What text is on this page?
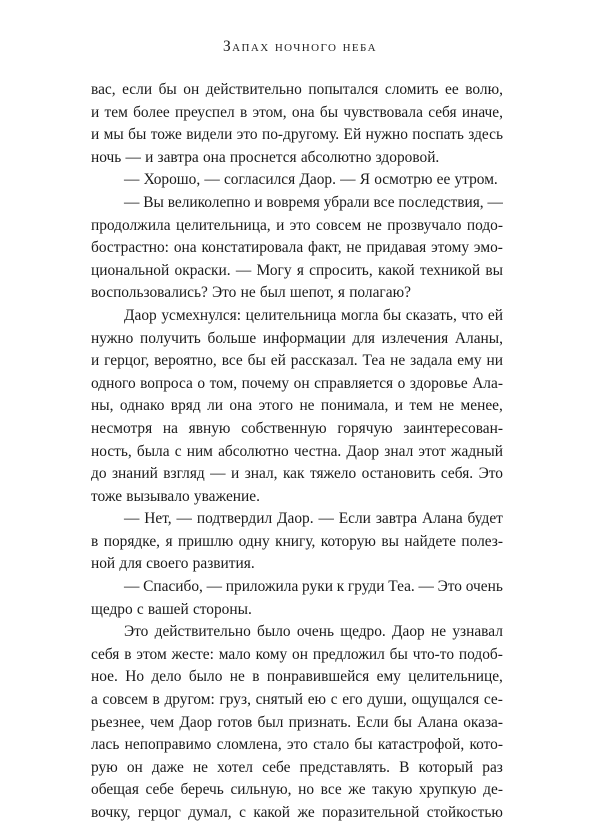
Запах ночного неба
вас, если бы он действительно попытался сломить ее волю,
и тем более преуспел в этом, она бы чувствовала себя иначе,
и мы бы тоже видели это по-другому. Ей нужно поспать здесь
ночь — и завтра она проснется абсолютно здоровой.
— Хорошо, — согласился Даор. — Я осмотрю ее утром.
— Вы великолепно и вовремя убрали все последствия, —
продолжила целительница, и это совсем не прозвучало подо-
бострастно: она констатировала факт, не придавая этому эмо-
циональной окраски. — Могу я спросить, какой техникой вы
воспользовались? Это не был шепот, я полагаю?
Даор усмехнулся: целительница могла бы сказать, что ей
нужно получить больше информации для излечения Аланы,
и герцог, вероятно, все бы ей рассказал. Теа не задала ему ни
одного вопроса о том, почему он справляется о здоровье Ала-
ны, однако вряд ли она этого не понимала, и тем не менее,
несмотря на явную собственную горячую заинтересован-
ность, была с ним абсолютно честна. Даор знал этот жадный
до знаний взгляд — и знал, как тяжело остановить себя. Это
тоже вызывало уважение.
— Нет, — подтвердил Даор. — Если завтра Алана будет
в порядке, я пришлю одну книгу, которую вы найдете полез-
ной для своего развития.
— Спасибо, — приложила руки к груди Теа. — Это очень
щедро с вашей стороны.
Это действительно было очень щедро. Даор не узнавал
себя в этом жесте: мало кому он предложил бы что-то подоб-
ное. Но дело было не в понравившейся ему целительнице,
а совсем в другом: груз, снятый ею с его души, ощущался се-
рьезнее, чем Даор готов был признать. Если бы Алана оказа-
лась непоправимо сломлена, это стало бы катастрофой, кото-
рую он даже не хотел себе представлять. В который раз
обещая себе беречь сильную, но все же такую хрупкую де-
вочку, герцог думал, с какой же поразительной стойкостью
